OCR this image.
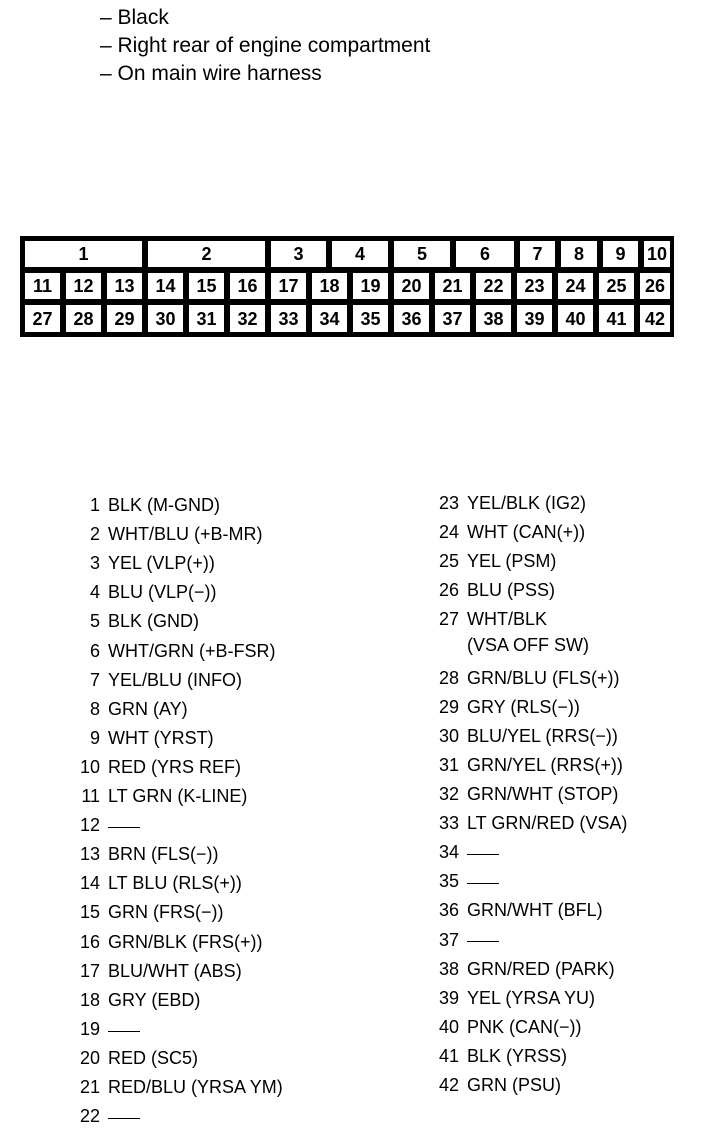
– Black
– Right rear of engine compartment
– On main wire harness
1	2	3	4	5	6 7 8 9 10
11 12 13 14 15 16 17 18 19 20 21 22 23 24 25 26
27 28 29 30 31 32 33 34 35 36 37 38 39 40 41 42
1 BLK (M-GND)
2 WHT/BLU (+B-MR)
3 YEL (VLP(+))
4 BLU (VLP(−))
5 BLK (GND)
6 WHT/GRN (+B-FSR)
7 YEL/BLU (INFO)
8 GRN (AY)
9 WHT (YRST)
10 RED (YRS REF)
11 LT GRN (K-LINE)
12

13 BRN (FLS(−))
14 LT BLU (RLS(+))
15 GRN (FRS(−))
16 GRN/BLK (FRS(+))
17 BLU/WHT (ABS)
18 GRY (EBD)
19

20 RED (SC5)
21 RED/BLU (YRSA YM)
22

23 YEL/BLK (IG2)
24 WHT (CAN(+))
25 YEL (PSM)
26 BLU (PSS)
27 WHT/BLK
(VSA OFF SW)
28 GRN/BLU (FLS(+))
29 GRY (RLS(−))
30 BLU/YEL (RRS(−))
31 GRN/YEL (RRS(+))
32 GRN/WHT (STOP)
33 LT GRN/RED (VSA)
34

35

36 GRN/WHT (BFL)
37

38 GRN/RED (PARK)
39 YEL (YRSA YU)
40 PNK (CAN(−))
41 BLK (YRSS)
42 GRN (PSU)
